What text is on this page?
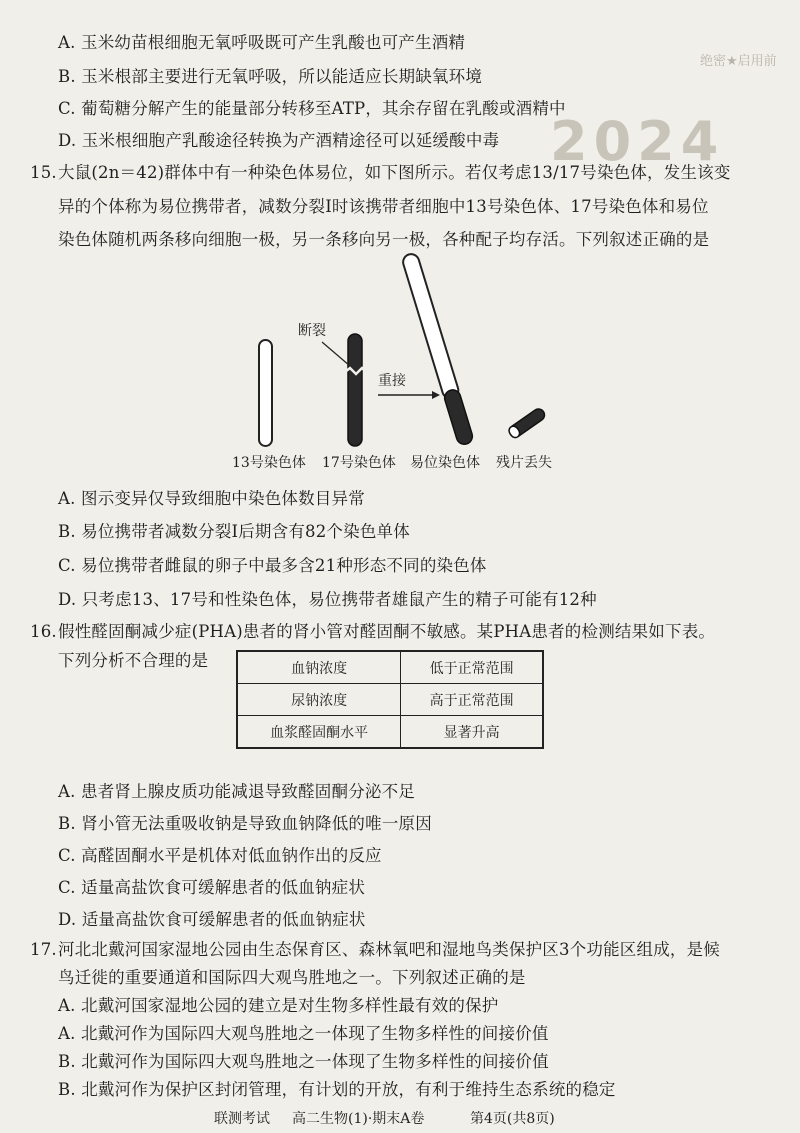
绝密★启用前
2024
A. 玉米幼苗根细胞无氧呼吸既可产生乳酸也可产生酒精
B. 玉米根部主要进行无氧呼吸，所以能适应长期缺氧环境
C. 葡萄糖分解产生的能量部分转移至ATP，其余存留在乳酸或酒精中
D. 玉米根细胞产乳酸途径转换为产酒精途径可以延缓酸中毒
15. 大鼠(2n＝42)群体中有一种染色体易位，如下图所示。若仅考虑13/17号染色体，发生该变
异的个体称为易位携带者，减数分裂Ⅰ时该携带者细胞中13号染色体、17号染色体和易位
染色体随机两条移向细胞一极，另一条移向另一极，各种配子均存活。下列叙述正确的是
断裂
重接
13号染色体 17号染色体 易位染色体 残片丢失
A. 图示变异仅导致细胞中染色体数目异常
B. 易位携带者减数分裂Ⅰ后期含有82个染色单体
C. 易位携带者雌鼠的卵子中最多含21种形态不同的染色体
D. 只考虑13、17号和性染色体，易位携带者雄鼠产生的精子可能有12种
16. 假性醛固酮减少症(PHA)患者的肾小管对醛固酮不敏感。某PHA患者的检测结果如下表。
下列分析不合理的是	血钠浓度	低于正常范围
尿钠浓度	高于正常范围
血浆醛固酮水平	显著升高
A. 患者肾上腺皮质功能减退导致醛固酮分泌不足
B. 肾小管无法重吸收钠是导致血钠降低的唯一原因
C. 高醛固酮水平是机体对低血钠作出的反应
C. 适量高盐饮食可缓解患者的低血钠症状
D. 适量高盐饮食可缓解患者的低血钠症状
17. 河北北戴河国家湿地公园由生态保育区、森林氧吧和湿地鸟类保护区3个功能区组成，是候
鸟迁徙的重要通道和国际四大观鸟胜地之一。下列叙述正确的是
A. 北戴河国家湿地公园的建立是对生物多样性最有效的保护
A. 北戴河作为国际四大观鸟胜地之一体现了生物多样性的间接价值
B. 北戴河作为国际四大观鸟胜地之一体现了生物多样性的间接价值
B. 北戴河作为保护区封闭管理，有计划的开放，有利于维持生态系统的稳定
联测考试 高二生物(1)·期末A卷	第4页(共8页)
